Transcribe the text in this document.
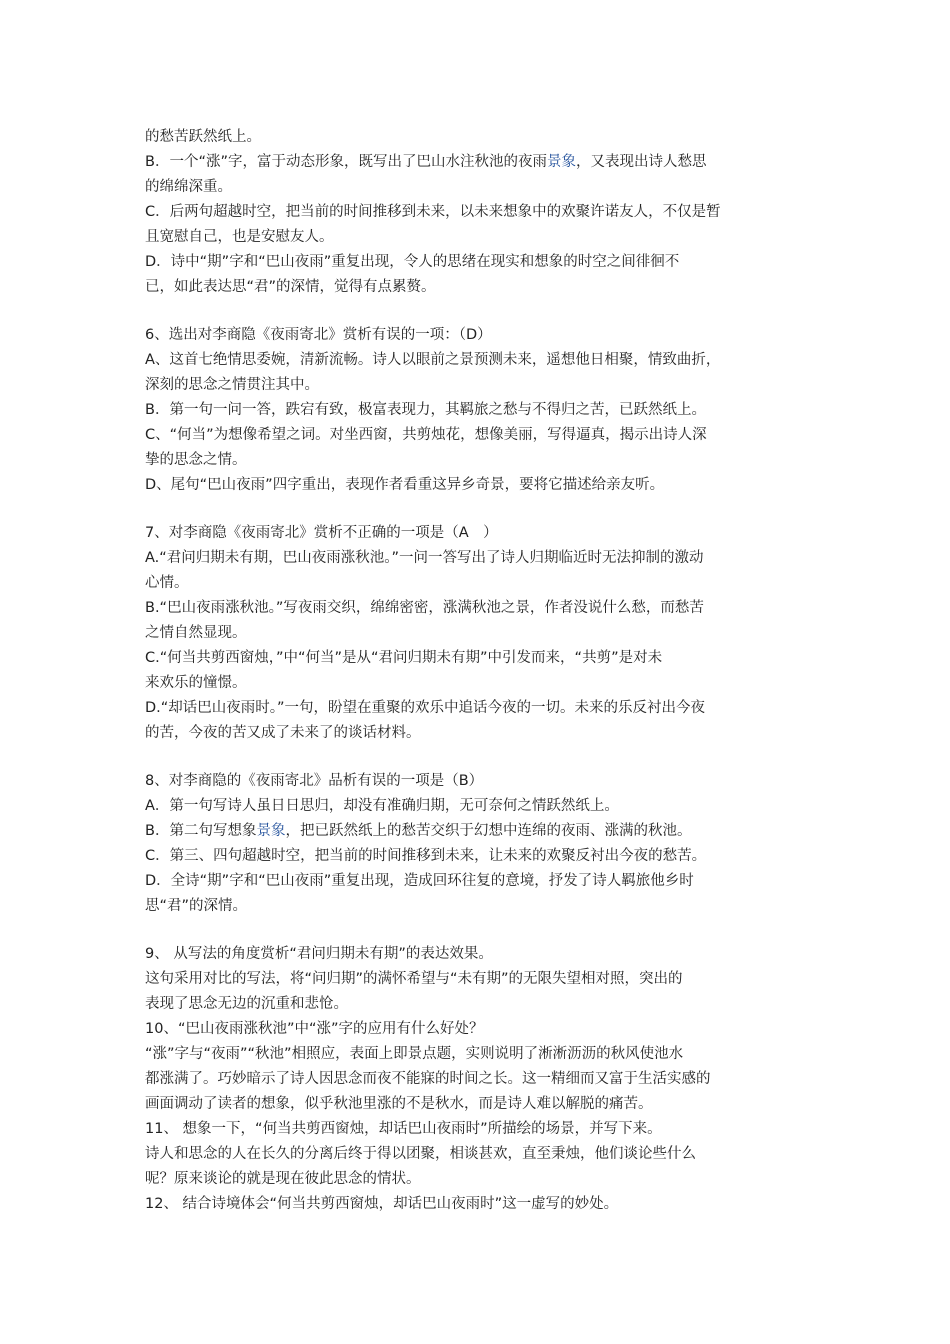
的愁苦跃然纸上。
B．一个“涨”字，富于动态形象，既写出了巴山水注秋池的夜雨景象，又表现出诗人愁思
的绵绵深重。
C．后两句超越时空，把当前的时间推移到未来，以未来想象中的欢聚许诺友人，不仅是暂
且宽慰自己，也是安慰友人。
D．诗中“期”字和“巴山夜雨”重复出现，令人的思绪在现实和想象的时空之间徘徊不
已，如此表达思“君”的深情，觉得有点累赘。
6、选出对李商隐《夜雨寄北》赏析有误的一项：（D）
A、这首七绝情思委婉，清新流畅。诗人以眼前之景预测未来，遥想他日相聚，情致曲折，
深刻的思念之情贯注其中。
B．第一句一问一答，跌宕有致，极富表现力，其羁旅之愁与不得归之苦，已跃然纸上。
C、“何当”为想像希望之词。对坐西窗，共剪烛花，想像美丽，写得逼真，揭示出诗人深
挚的思念之情。
D、尾句“巴山夜雨”四字重出，表现作者看重这异乡奇景，要将它描述给亲友听。
7、对李商隐《夜雨寄北》赏析不正确的一项是（A　）
A.“君问归期未有期，巴山夜雨涨秋池。”一问一答写出了诗人归期临近时无法抑制的激动
心情。
B.“巴山夜雨涨秋池。”写夜雨交织，绵绵密密，涨满秋池之景，作者没说什么愁，而愁苦
之情自然显现。
C.“何当共剪西窗烛，”中“何当”是从“君问归期未有期”中引发而来，“共剪”是对未
来欢乐的憧憬。
D.“却话巴山夜雨时。”一句，盼望在重聚的欢乐中追话今夜的一切。未来的乐反衬出今夜
的苦，今夜的苦又成了未来了的谈话材料。
8、对李商隐的《夜雨寄北》品析有误的一项是（B）
A．第一句写诗人虽日日思归，却没有准确归期，无可奈何之情跃然纸上。
B．第二句写想象景象，把已跃然纸上的愁苦交织于幻想中连绵的夜雨、涨满的秋池。
C．第三、四句超越时空，把当前的时间推移到未来，让未来的欢聚反衬出今夜的愁苦。
D．全诗“期”字和“巴山夜雨”重复出现，造成回环往复的意境，抒发了诗人羁旅他乡时
思“君”的深情。
9、 从写法的角度赏析“君问归期未有期”的表达效果。
这句采用对比的写法，将“问归期”的满怀希望与“未有期”的无限失望相对照，突出的
表现了思念无边的沉重和悲怆。
10、“巴山夜雨涨秋池”中“涨”字的应用有什么好处？
“涨”字与“夜雨”“秋池”相照应，表面上即景点题，实则说明了淅淅沥沥的秋风使池水
都涨满了。巧妙暗示了诗人因思念而夜不能寐的时间之长。这一精细而又富于生活实感的
画面调动了读者的想象，似乎秋池里涨的不是秋水，而是诗人难以解脱的痛苦。
11、 想象一下，“何当共剪西窗烛，却话巴山夜雨时”所描绘的场景，并写下来。
诗人和思念的人在长久的分离后终于得以团聚，相谈甚欢，直至秉烛，他们谈论些什么
呢？原来谈论的就是现在彼此思念的情状。
12、 结合诗境体会“何当共剪西窗烛，却话巴山夜雨时”这一虚写的妙处。
